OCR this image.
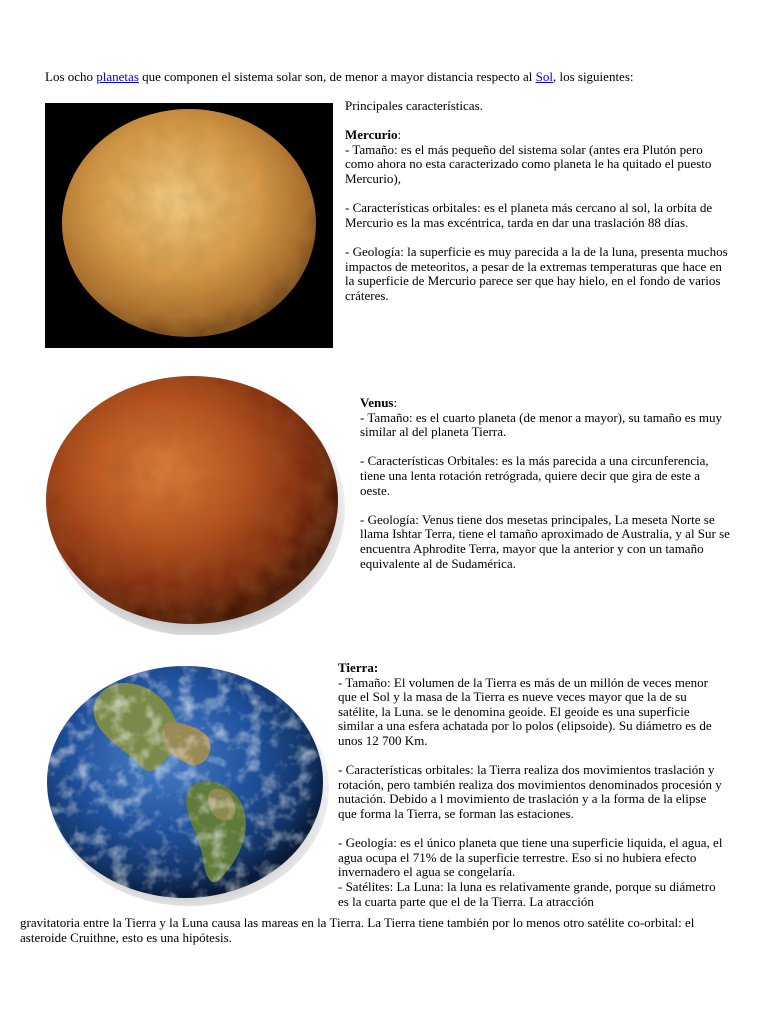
Los ocho planetas que componen el sistema solar son, de menor a mayor distancia respecto al Sol, los siguientes:

Principales características.

Mercurio:

- Tamaño: es el más pequeño del sistema solar (antes era Plutón pero como ahora no esta caracterizado como planeta le ha quitado el puesto Mercurio),

- Características orbitales: es el planeta más cercano al sol, la orbita de Mercurio es la mas excéntrica, tarda en dar una traslación 88 días.

- Geología: la superficie es muy parecida a la de la luna, presenta muchos impactos de meteoritos, a pesar de la extremas temperaturas que hace en la superficie de Mercurio parece ser que hay hielo, en el fondo de varios cráteres.

Venus:

- Tamaño: es el cuarto planeta (de menor a mayor), su tamaño es muy similar al del planeta Tierra.

- Características Orbitales: es la más parecida a una circunferencia, tiene una lenta rotación retrógrada, quiere decir que gira de este a oeste.

- Geología: Venus tiene dos mesetas principales, La meseta Norte se llama Ishtar Terra, tiene el tamaño aproximado de Australia, y al Sur se encuentra Aphrodite Terra, mayor que la anterior y con un tamaño equivalente al de Sudamérica.

Tierra:

- Tamaño: El volumen de la Tierra es más de un millón de veces menor que el Sol y la masa de la Tierra es nueve veces mayor que la de su satélite, la Luna. se le denomina geoide. El geoide es una superficie similar a una esfera achatada por lo polos (elipsoide). Su diámetro es de unos 12 700 Km.

- Características orbitales: la Tierra realiza dos movimientos traslación y rotación, pero también realiza dos movimientos denominados procesión y nutación. Debido a l movimiento de traslación y a la forma de la elipse que forma la Tierra, se forman las estaciones.

- Geología: es el único planeta que tiene una superficie liquida, el agua, el agua ocupa el 71% de la superficie terrestre. Eso si no hubiera efecto invernadero el agua se congelaría.

- Satélites: La Luna: la luna es relativamente grande, porque su diámetro es la cuarta parte que el de la Tierra. La atracción

gravitatoria entre la Tierra y la Luna causa las mareas en la Tierra. La Tierra tiene también por lo menos otro satélite co-orbital: el asteroide Cruithne, esto es una hipótesis.
